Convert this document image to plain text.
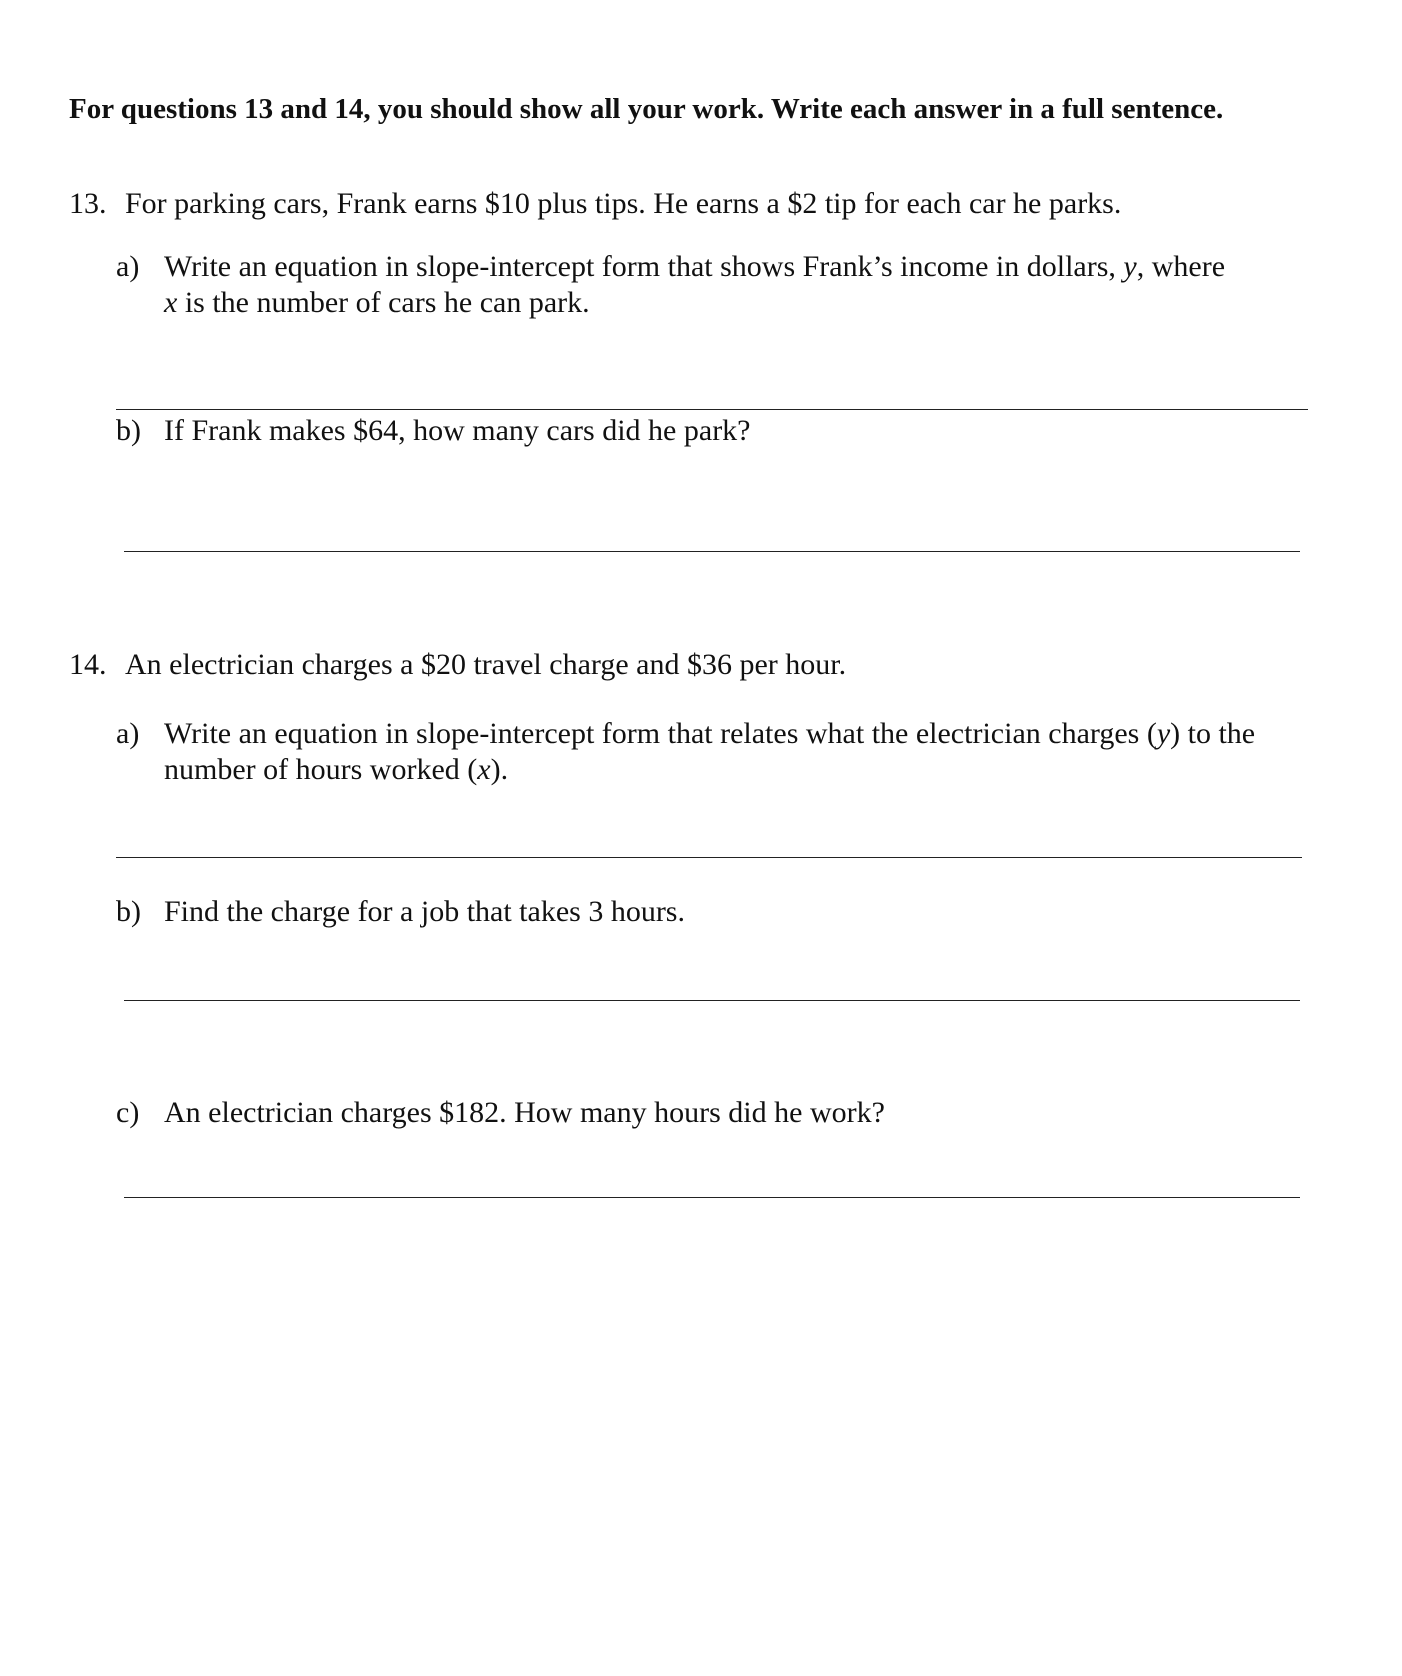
For questions 13 and 14, you should show all your work. Write each answer in a full sentence.
13. For parking cars, Frank earns $10 plus tips. He earns a $2 tip for each car he parks.
a) Write an equation in slope-intercept form that shows Frank’s income in dollars, y, where
x is the number of cars he can park.
b) If Frank makes $64, how many cars did he park?
14. An electrician charges a $20 travel charge and $36 per hour.
a) Write an equation in slope-intercept form that relates what the electrician charges (y) to the number of hours worked (x).
b) Find the charge for a job that takes 3 hours.
c) An electrician charges $182. How many hours did he work?
